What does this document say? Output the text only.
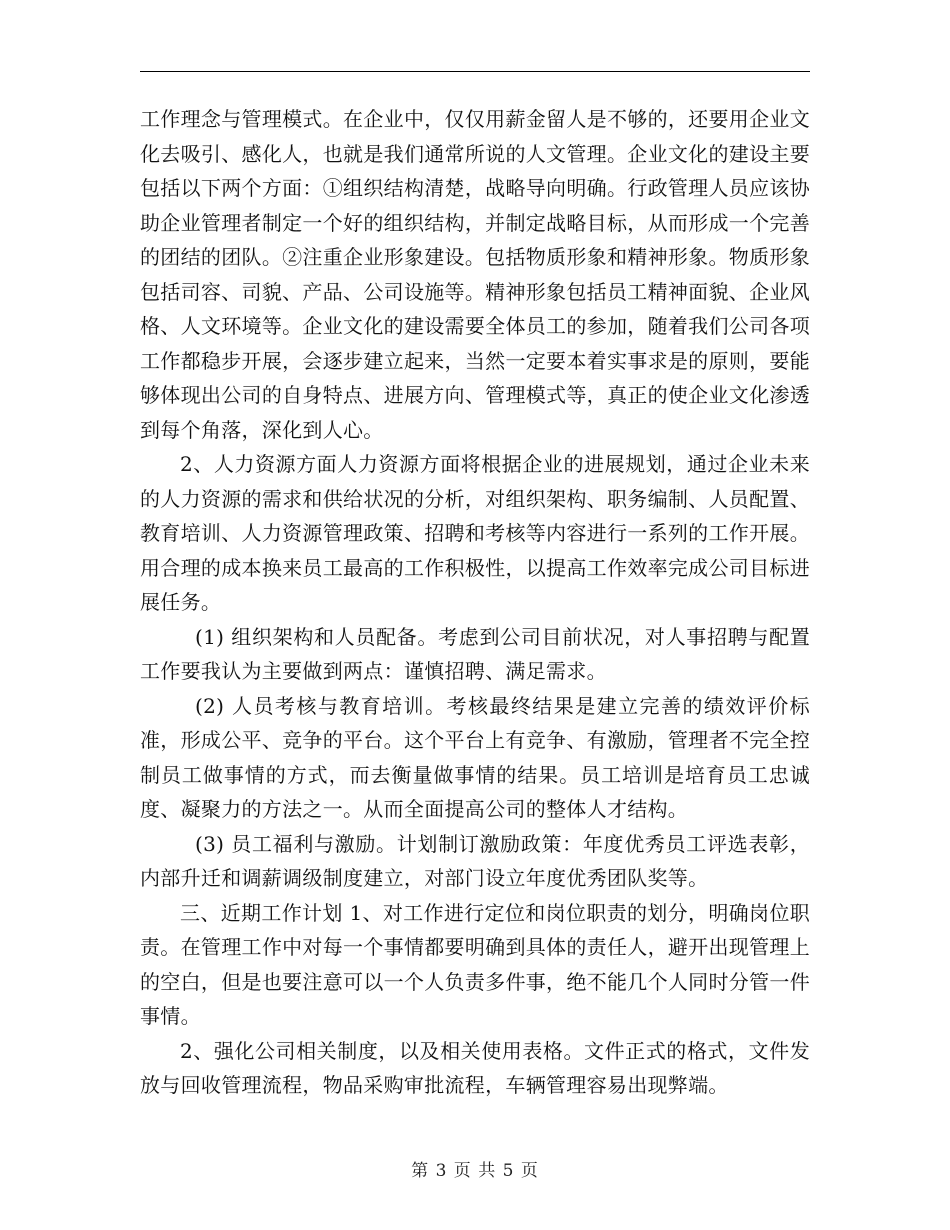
工作理念与管理模式。在企业中，仅仅用薪金留人是不够的，还要用企业文化去吸引、感化人，也就是我们通常所说的人文管理。企业文化的建设主要包括以下两个方面：①组织结构清楚，战略导向明确。行政管理人员应该协助企业管理者制定一个好的组织结构，并制定战略目标，从而形成一个完善的团结的团队。②注重企业形象建设。包括物质形象和精神形象。物质形象包括司容、司貌、产品、公司设施等。精神形象包括员工精神面貌、企业风格、人文环境等。企业文化的建设需要全体员工的参加，随着我们公司各项工作都稳步开展，会逐步建立起来，当然一定要本着实事求是的原则，要能够体现出公司的自身特点、进展方向、管理模式等，真正的使企业文化渗透到每个角落，深化到人心。

2、人力资源方面人力资源方面将根据企业的进展规划，通过企业未来的人力资源的需求和供给状况的分析，对组织架构、职务编制、人员配置、教育培训、人力资源管理政策、招聘和考核等内容进行一系列的工作开展。用合理的成本换来员工最高的工作积极性，以提高工作效率完成公司目标进展任务。

(1) 组织架构和人员配备。考虑到公司目前状况，对人事招聘与配置工作要我认为主要做到两点：谨慎招聘、满足需求。

(2) 人员考核与教育培训。考核最终结果是建立完善的绩效评价标准，形成公平、竞争的平台。这个平台上有竞争、有激励，管理者不完全控制员工做事情的方式，而去衡量做事情的结果。员工培训是培育员工忠诚度、凝聚力的方法之一。从而全面提高公司的整体人才结构。

(3) 员工福利与激励。计划制订激励政策：年度优秀员工评选表彰，内部升迁和调薪调级制度建立，对部门设立年度优秀团队奖等。

三、近期工作计划 1、对工作进行定位和岗位职责的划分，明确岗位职责。在管理工作中对每一个事情都要明确到具体的责任人，避开出现管理上的空白，但是也要注意可以一个人负责多件事，绝不能几个人同时分管一件事情。

2、强化公司相关制度，以及相关使用表格。文件正式的格式，文件发放与回收管理流程，物品采购审批流程，车辆管理容易出现弊端。

第 3 页 共 5 页
